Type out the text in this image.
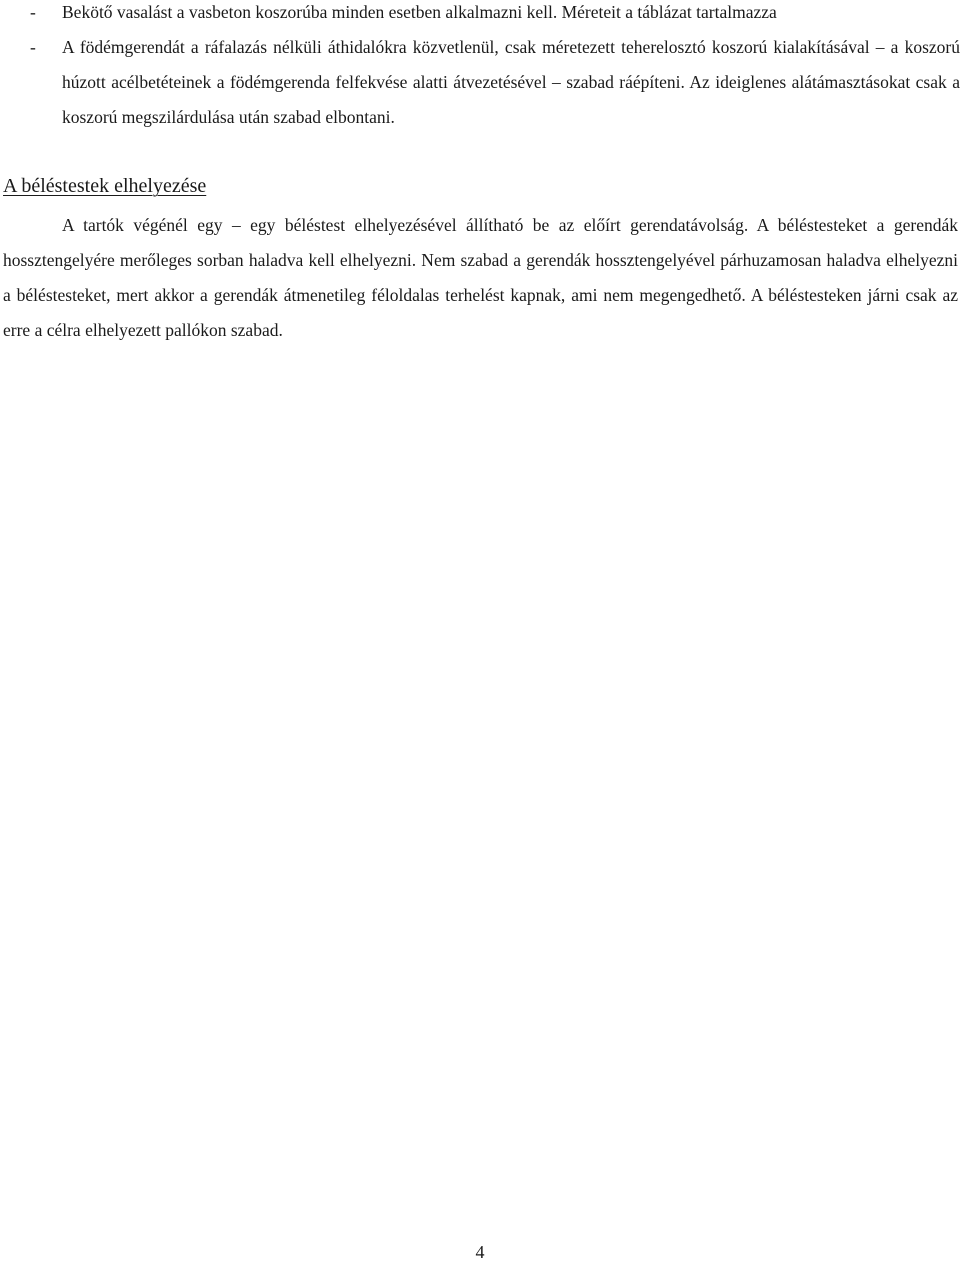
- Bekötő vasalást a vasbeton koszorúba minden esetben alkalmazni kell. Méreteit a táblázat tartalmazza
- A födémgerendát a ráfalazás nélküli áthidalókra közvetlenül, csak méretezett teherelosztó koszorú kialakításával – a koszorú húzott acélbetéteinek a födémgerenda felfekvése alatti átvezetésével – szabad ráépíteni. Az ideiglenes alátámasztásokat csak a koszorú megszilárdulása után szabad elbontani.
A béléstestek elhelyezése
A tartók végénél egy – egy béléstest elhelyezésével állítható be az előírt gerendatávolság. A béléstesteket a gerendák hossztengelyére merőleges sorban haladva kell elhelyezni. Nem szabad a gerendák hossztengelyével párhuzamosan haladva elhelyezni a béléstesteket, mert akkor a gerendák átmenetileg féloldalas terhelést kapnak, ami nem megengedhető. A béléstesteken járni csak az erre a célra elhelyezett pallókon szabad.
4
